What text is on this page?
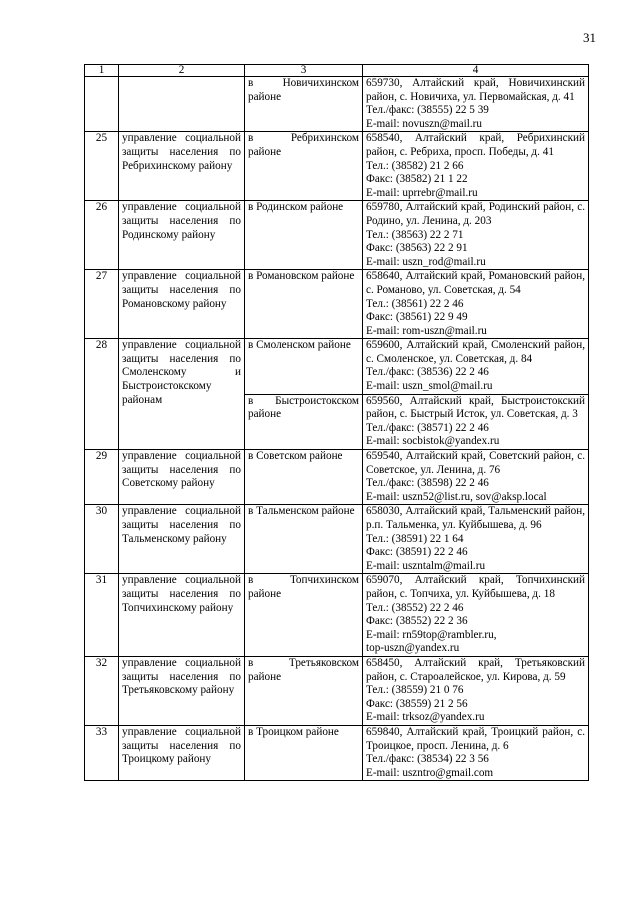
31
1	2	3	4
		в Новичихинском районе	659730, Алтайский край, Новичихинский район, с. Новичиха, ул. Первомайская, д. 41
Тел./факс: (38555) 22 5 39
E-mail: novuszn@mail.ru

25	управление социальной защиты населения по Ребрихинскому району	в Ребрихинском районе	658540, Алтайский край, Ребрихинский район, с. Ребриха, просп. Победы, д. 41
Тел.: (38582) 21 2 66
Факс: (38582) 21 1 22
E-mail: uprrebr@mail.ru

26	управление социальной защиты населения по Родинскому району	в Родинском районе	659780, Алтайский край, Родинский район, с. Родино, ул. Ленина, д. 203
Тел.: (38563) 22 2 71
Факс: (38563) 22 2 91
E-mail: uszn_rod@mail.ru

27	управление социальной защиты населения по Романовскому району	в Романовском районе	658640, Алтайский край, Романовский район, с. Романово, ул. Советская, д. 54
Тел.: (38561) 22 2 46
Факс: (38561) 22 9 49
E-mail: rom-uszn@mail.ru

28	управление социальной защиты населения по Смоленскому и Быстроистокскому районам	в Смоленском районе	659600, Алтайский край, Смоленский район, с. Смоленское, ул. Советская, д. 84
Тел./факс: (38536) 22 2 46
E-mail: uszn_smol@mail.ru

		в Быстроистокском районе	659560, Алтайский край, Быстроистокский район, с. Быстрый Исток, ул. Советская, д. 3
Тел./факс: (38571) 22 2 46
E-mail: socbistok@yandex.ru

29	управление социальной защиты населения по Советскому району	в Советском районе	659540, Алтайский край, Советский район, с. Советское, ул. Ленина, д. 76
Тел./факс: (38598) 22 2 46
E-mail: uszn52@list.ru, sov@aksp.local

30	управление социальной защиты населения по Тальменскому району	в Тальменском районе	658030, Алтайский край, Тальменский район, р.п. Тальменка, ул. Куйбышева, д. 96
Тел.: (38591) 22 1 64
Факс: (38591) 22 2 46
E-mail: uszntalm@mail.ru

31	управление социальной защиты населения по Топчихинскому району	в Топчихинском районе	659070, Алтайский край, Топчихинский район, с. Топчиха, ул. Куйбышева, д. 18
Тел.: (38552) 22 2 46
Факс: (38552) 22 2 36
E-mail: rn59top@rambler.ru,
top-uszn@yandex.ru

32	управление социальной защиты населения по Третьяковскому району	в Третьяковском районе	658450, Алтайский край, Третьяковский район, с. Староалейское, ул. Кирова, д. 59
Тел.: (38559) 21 0 76
Факс: (38559) 21 2 56
E-mail: trksoz@yandex.ru

33	управление социальной защиты населения по Троицкому району	в Троицком районе	659840, Алтайский край, Троицкий район, с. Троицкое, просп. Ленина, д. 6
Тел./факс: (38534) 22 3 56
E-mail: uszntro@gmail.com
